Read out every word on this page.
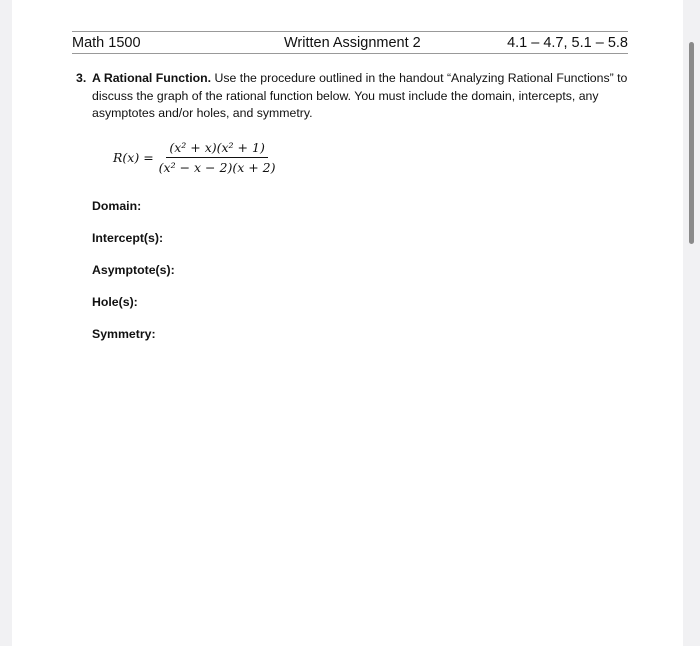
Math 1500	Written Assignment 2	4.1 – 4.7, 5.1 – 5.8
3. A Rational Function. Use the procedure outlined in the handout “Analyzing Rational Functions” to discuss the graph of the rational function below. You must include the domain, intercepts, any asymptotes and/or holes, and symmetry.
$R(x) = \frac{\text{(x² + x)(x² + 1)}}{\text{(x² − x − 2)(x + 2)}}$
Domain:
Intercept(s):
Asymptote(s):
Hole(s):
Symmetry:
